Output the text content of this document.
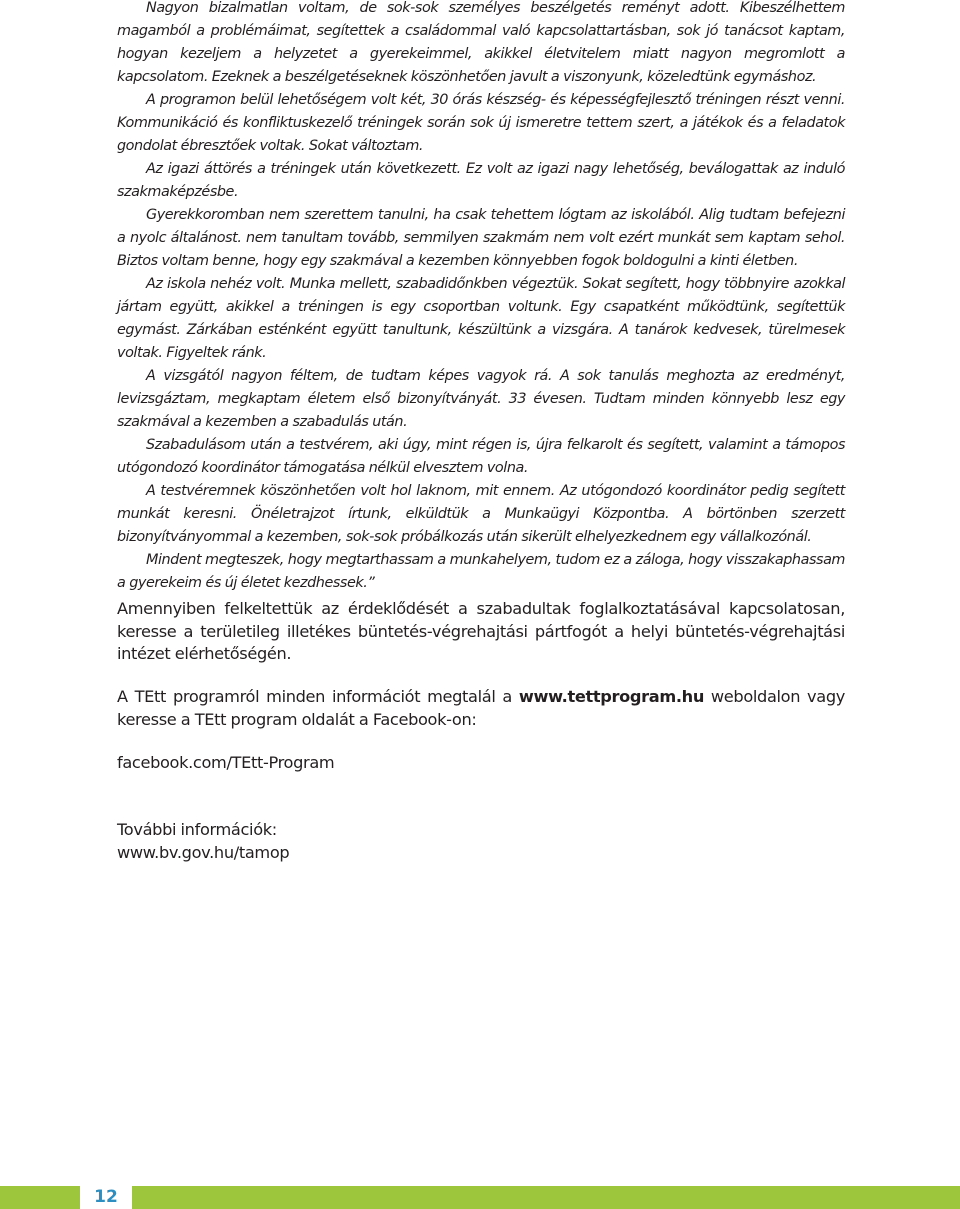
Nagyon bizalmatlan voltam, de sok-sok személyes beszélgetés reményt adott. Kibeszélhettem magamból a problémáimat, segítettek a családommal való kapcsolattartásban, sok jó tanácsot kaptam, hogyan kezeljem a helyzetet a gyerekeimmel, akikkel életvitelem miatt nagyon megromlott a kapcsolatom. Ezeknek a beszélgetéseknek köszönhetően javult a viszonyunk, közeledtünk egymáshoz.

A programon belül lehetőségem volt két, 30 órás készség- és képességfejlesztő tréningen részt venni. Kommunikáció és konfliktuskezelő tréningek során sok új ismeretre tettem szert, a játékok és a feladatok gondolat ébresztőek voltak. Sokat változtam.

Az igazi áttörés a tréningek után következett. Ez volt az igazi nagy lehetőség, beválogattak az induló szakmaképzésbe.

Gyerekkoromban nem szerettem tanulni, ha csak tehettem lógtam az iskolából. Alig tudtam befejezni a nyolc általánost. nem tanultam tovább, semmilyen szakmám nem volt ezért munkát sem kaptam sehol. Biztos voltam benne, hogy egy szakmával a kezemben könnyebben fogok boldogulni a kinti életben.

Az iskola nehéz volt. Munka mellett, szabadidőnkben végeztük. Sokat segített, hogy többnyire azokkal jártam együtt, akikkel a tréningen is egy csoportban voltunk. Egy csapatként működtünk, segítettük egymást. Zárkában esténként együtt tanultunk, készültünk a vizsgára. A tanárok kedvesek, türelmesek voltak. Figyeltek ránk.

A vizsgától nagyon féltem, de tudtam képes vagyok rá. A sok tanulás meghozta az eredményt, levizsgáztam, megkaptam életem első bizonyítványát. 33 évesen. Tudtam minden könnyebb lesz egy szakmával a kezemben a szabadulás után.

Szabadulásom után a testvérem, aki úgy, mint régen is, újra felkarolt és segített, valamint a támopos utógondozó koordinátor támogatása nélkül elvesztem volna.

A testvéremnek köszönhetően volt hol laknom, mit ennem. Az utógondozó koordinátor pedig segített munkát keresni. Önéletrajzot írtunk, elküldtük a Munkaügyi Központba. A börtönben szerzett bizonyítványommal a kezemben, sok-sok próbálkozás után sikerült elhelyezkednem egy vállalkozónál.

Mindent megteszek, hogy megtarthassam a munkahelyem, tudom ez a záloga, hogy visszakaphassam a gyerekeim és új életet kezdhessek.”

Amennyiben felkeltettük az érdeklődését a szabadultak foglalkoztatásával kapcsolatosan, keresse a területileg illetékes büntetés-végrehajtási pártfogót a helyi büntetés-végrehajtási intézet elérhetőségén.

A TEtt programról minden információt megtalál a www.tettprogram.hu weboldalon vagy keresse a TEtt program oldalát a Facebook-on:

facebook.com/TEtt-Program

További információk:

www.bv.gov.hu/tamop

12
